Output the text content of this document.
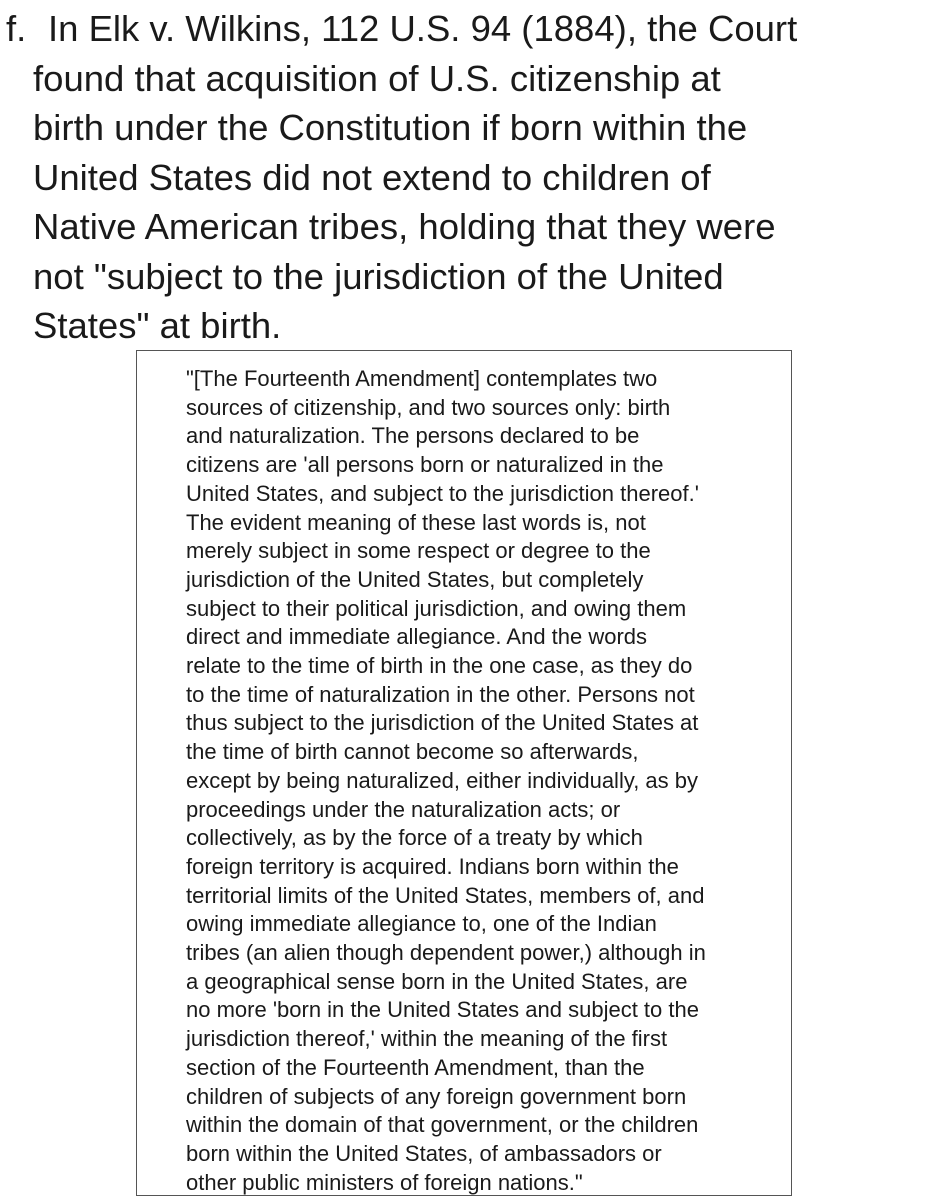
f. In Elk v. Wilkins, 112 U.S. 94 (1884), the Court
found that acquisition of U.S. citizenship at
birth under the Constitution if born within the
United States did not extend to children of
Native American tribes, holding that they were
not "subject to the jurisdiction of the United
States" at birth.
"[The Fourteenth Amendment] contemplates two
sources of citizenship, and two sources only: birth
and naturalization. The persons declared to be
citizens are 'all persons born or naturalized in the
United States, and subject to the jurisdiction thereof.'
The evident meaning of these last words is, not
merely subject in some respect or degree to the
jurisdiction of the United States, but completely
subject to their political jurisdiction, and owing them
direct and immediate allegiance. And the words
relate to the time of birth in the one case, as they do
to the time of naturalization in the other. Persons not
thus subject to the jurisdiction of the United States at
the time of birth cannot become so afterwards,
except by being naturalized, either individually, as by
proceedings under the naturalization acts; or
collectively, as by the force of a treaty by which
foreign territory is acquired. Indians born within the
territorial limits of the United States, members of, and
owing immediate allegiance to, one of the Indian
tribes (an alien though dependent power,) although in
a geographical sense born in the United States, are
no more 'born in the United States and subject to the
jurisdiction thereof,' within the meaning of the first
section of the Fourteenth Amendment, than the
children of subjects of any foreign government born
within the domain of that government, or the children
born within the United States, of ambassadors or
other public ministers of foreign nations."
